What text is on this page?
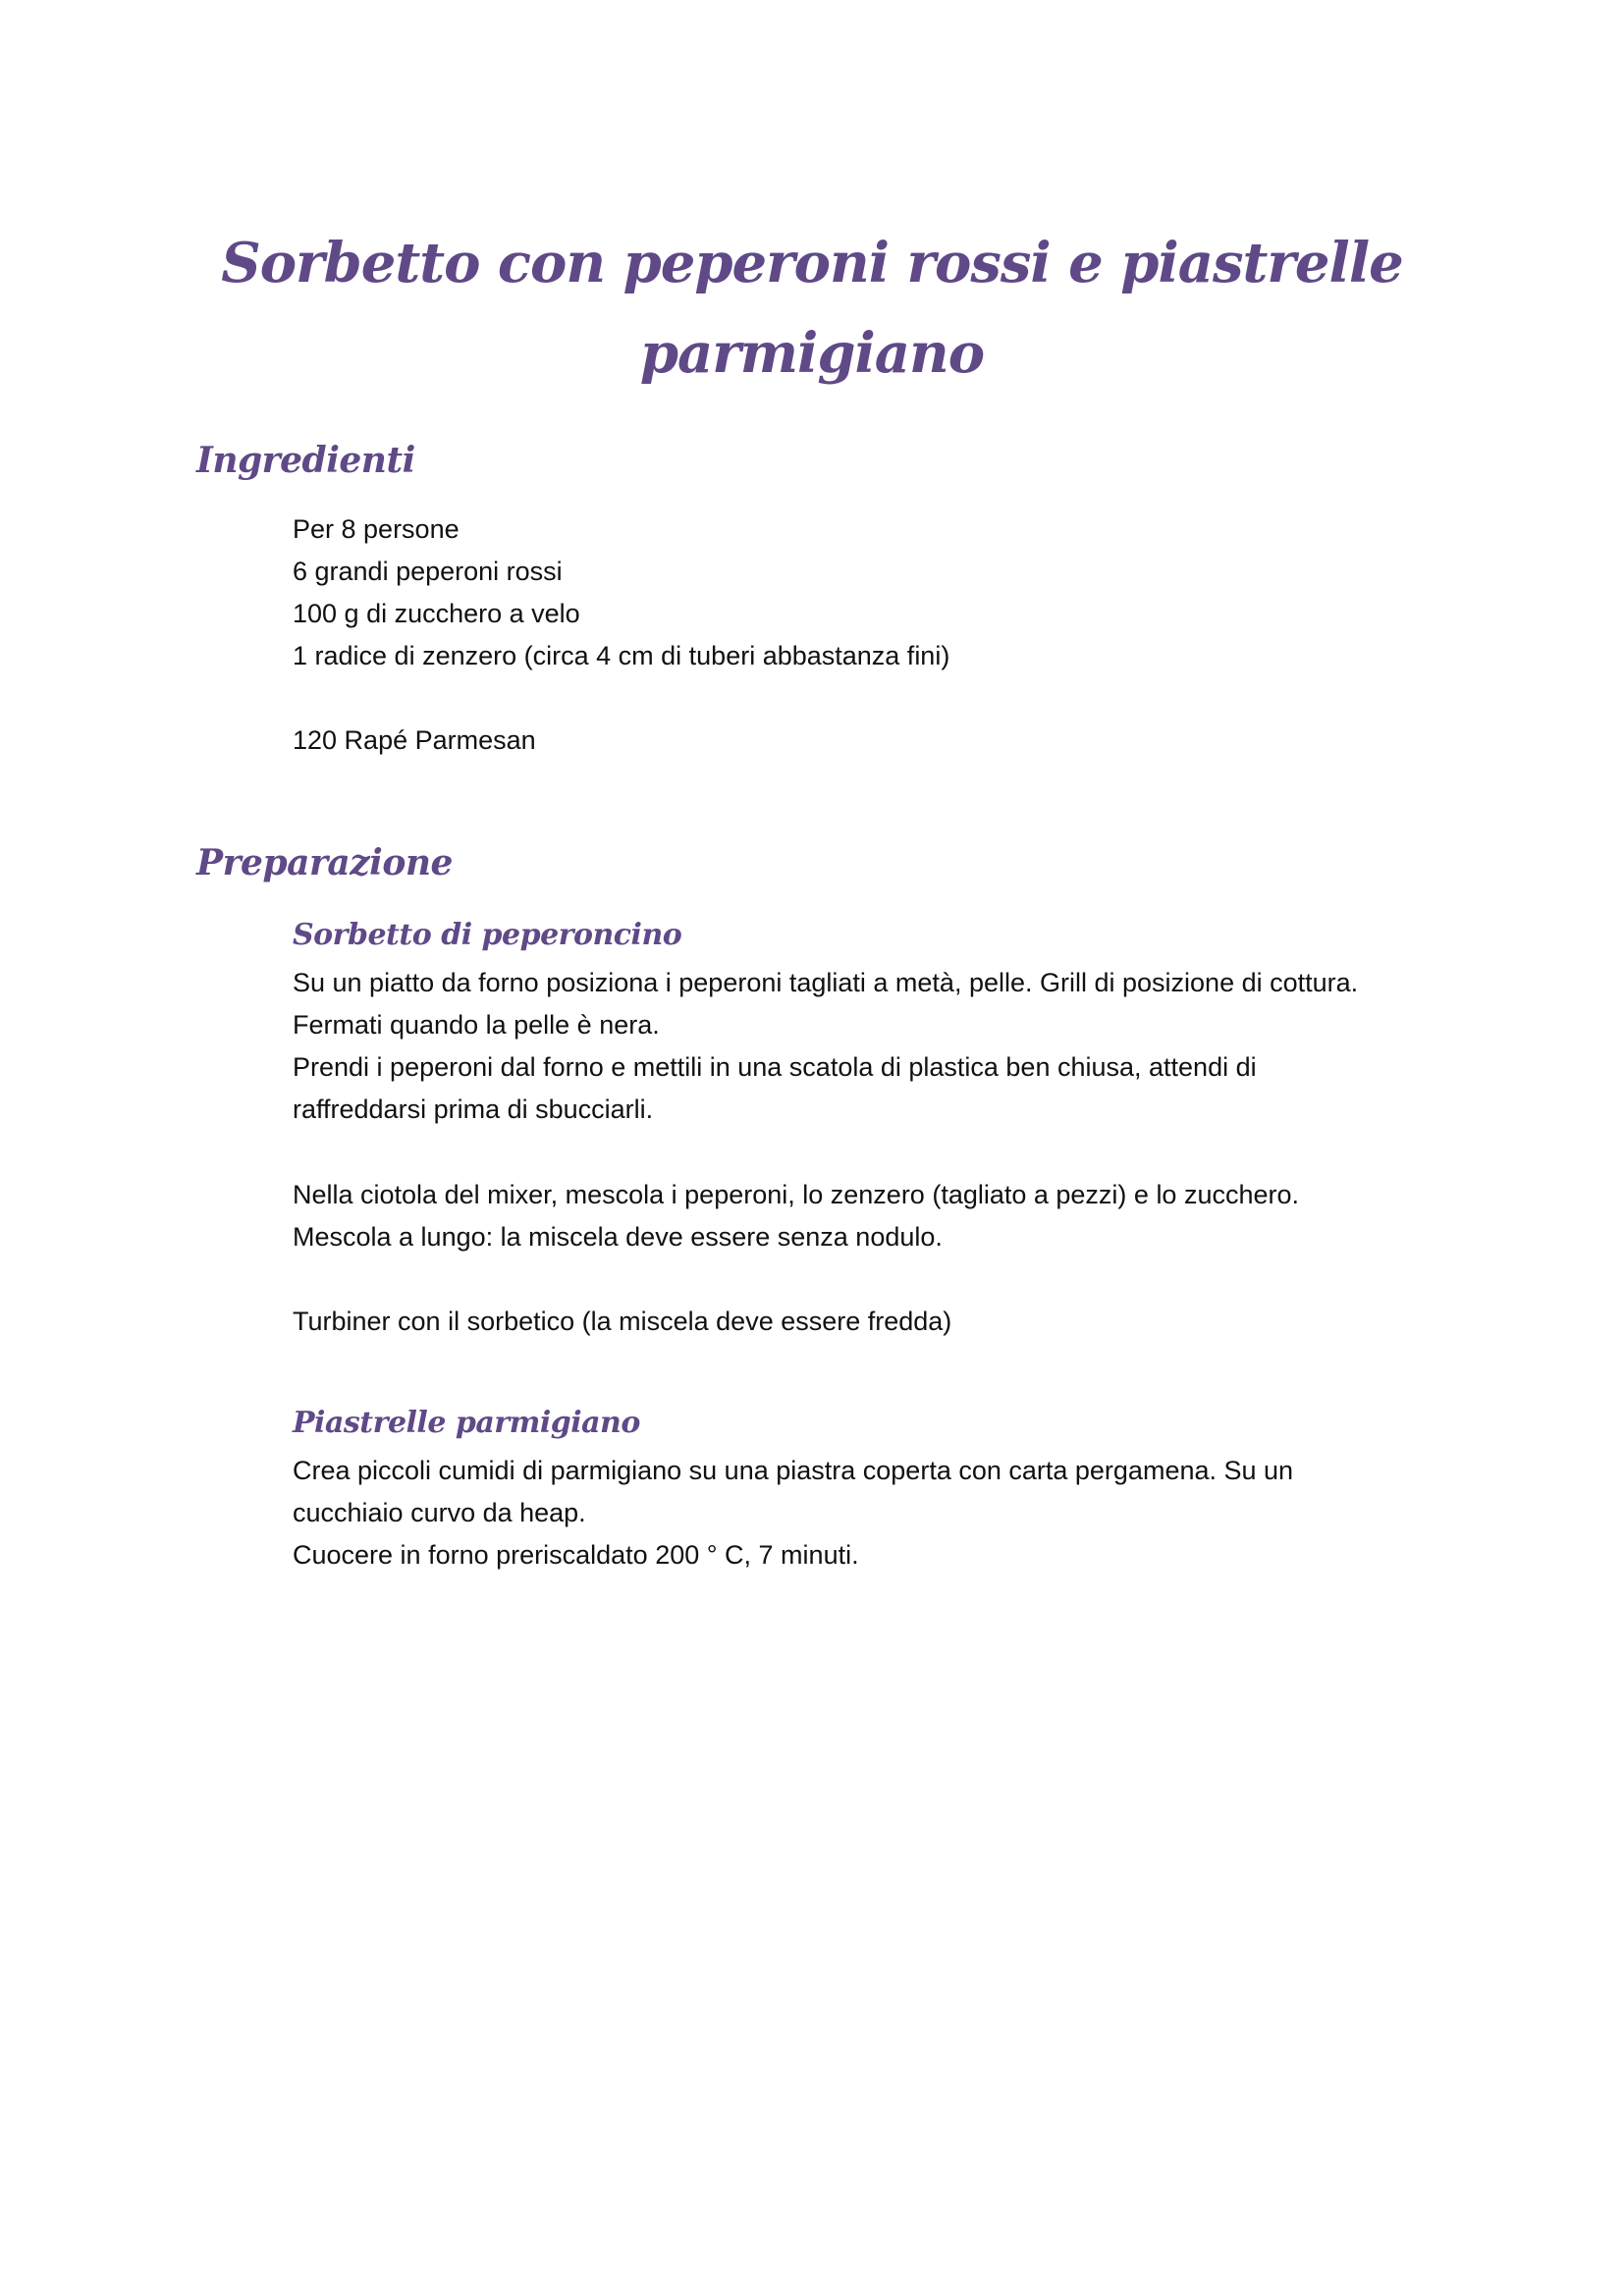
Sorbetto con peperoni rossi e piastrelle parmigiano
Ingredienti
Per 8 persone
6 grandi peperoni rossi
100 g di zucchero a velo
1 radice di zenzero (circa 4 cm di tuberi abbastanza fini)
120 Rapé Parmesan
Preparazione
Sorbetto di peperoncino
Su un piatto da forno posiziona i peperoni tagliati a metà, pelle. Grill di posizione di cottura.
Fermati quando la pelle è nera.
Prendi i peperoni dal forno e mettili in una scatola di plastica ben chiusa, attendi di
raffreddarsi prima di sbucciarli.
Nella ciotola del mixer, mescola i peperoni, lo zenzero (tagliato a pezzi) e lo zucchero.
Mescola a lungo: la miscela deve essere senza nodulo.
Turbiner con il sorbetico (la miscela deve essere fredda)
Piastrelle parmigiano
Crea piccoli cumidi di parmigiano su una piastra coperta con carta pergamena. Su un
cucchiaio curvo da heap.
Cuocere in forno preriscaldato 200 ° C, 7 minuti.
